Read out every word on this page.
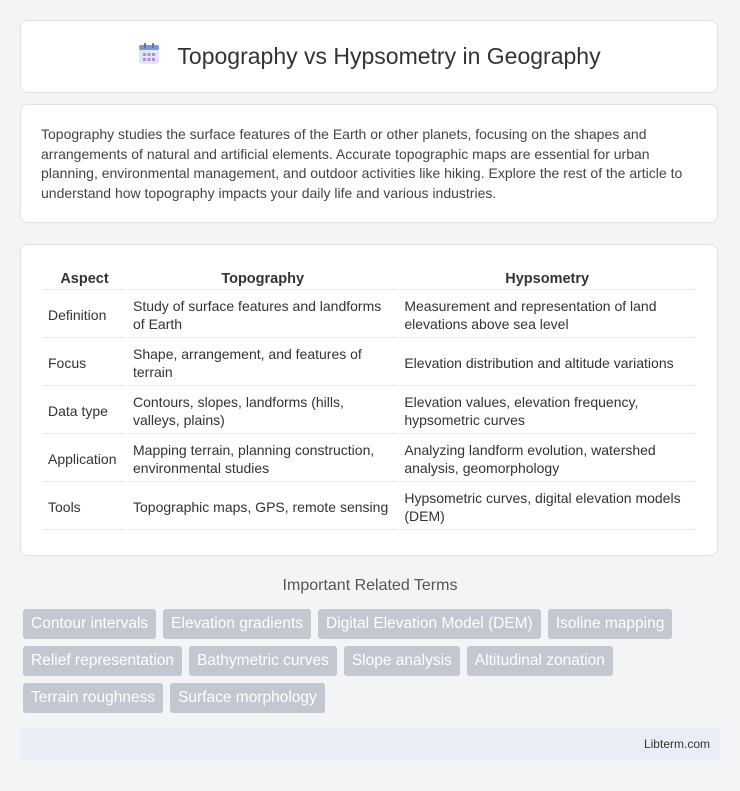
Topography vs Hypsometry in Geography
Topography studies the surface features of the Earth or other planets, focusing on the shapes and arrangements of natural and artificial elements. Accurate topographic maps are essential for urban planning, environmental management, and outdoor activities like hiking. Explore the rest of the article to understand how topography impacts your daily life and various industries.
Aspect	Topography	Hypsometry
Definition	Study of surface features and landforms of Earth	Measurement and representation of land elevations above sea level
Focus	Shape, arrangement, and features of terrain	Elevation distribution and altitude variations
Data type	Contours, slopes, landforms (hills, valleys, plains)	Elevation values, elevation frequency, hypsometric curves
Application	Mapping terrain, planning construction, environmental studies	Analyzing landform evolution, watershed analysis, geomorphology
Tools	Topographic maps, GPS, remote sensing	Hypsometric curves, digital elevation models (DEM)
Important Related Terms
Contour intervals	Elevation gradients	Digital Elevation Model (DEM)	Isoline mapping
Relief representation	Bathymetric curves	Slope analysis	Altitudinal zonation
Terrain roughness	Surface morphology
Libterm.com
